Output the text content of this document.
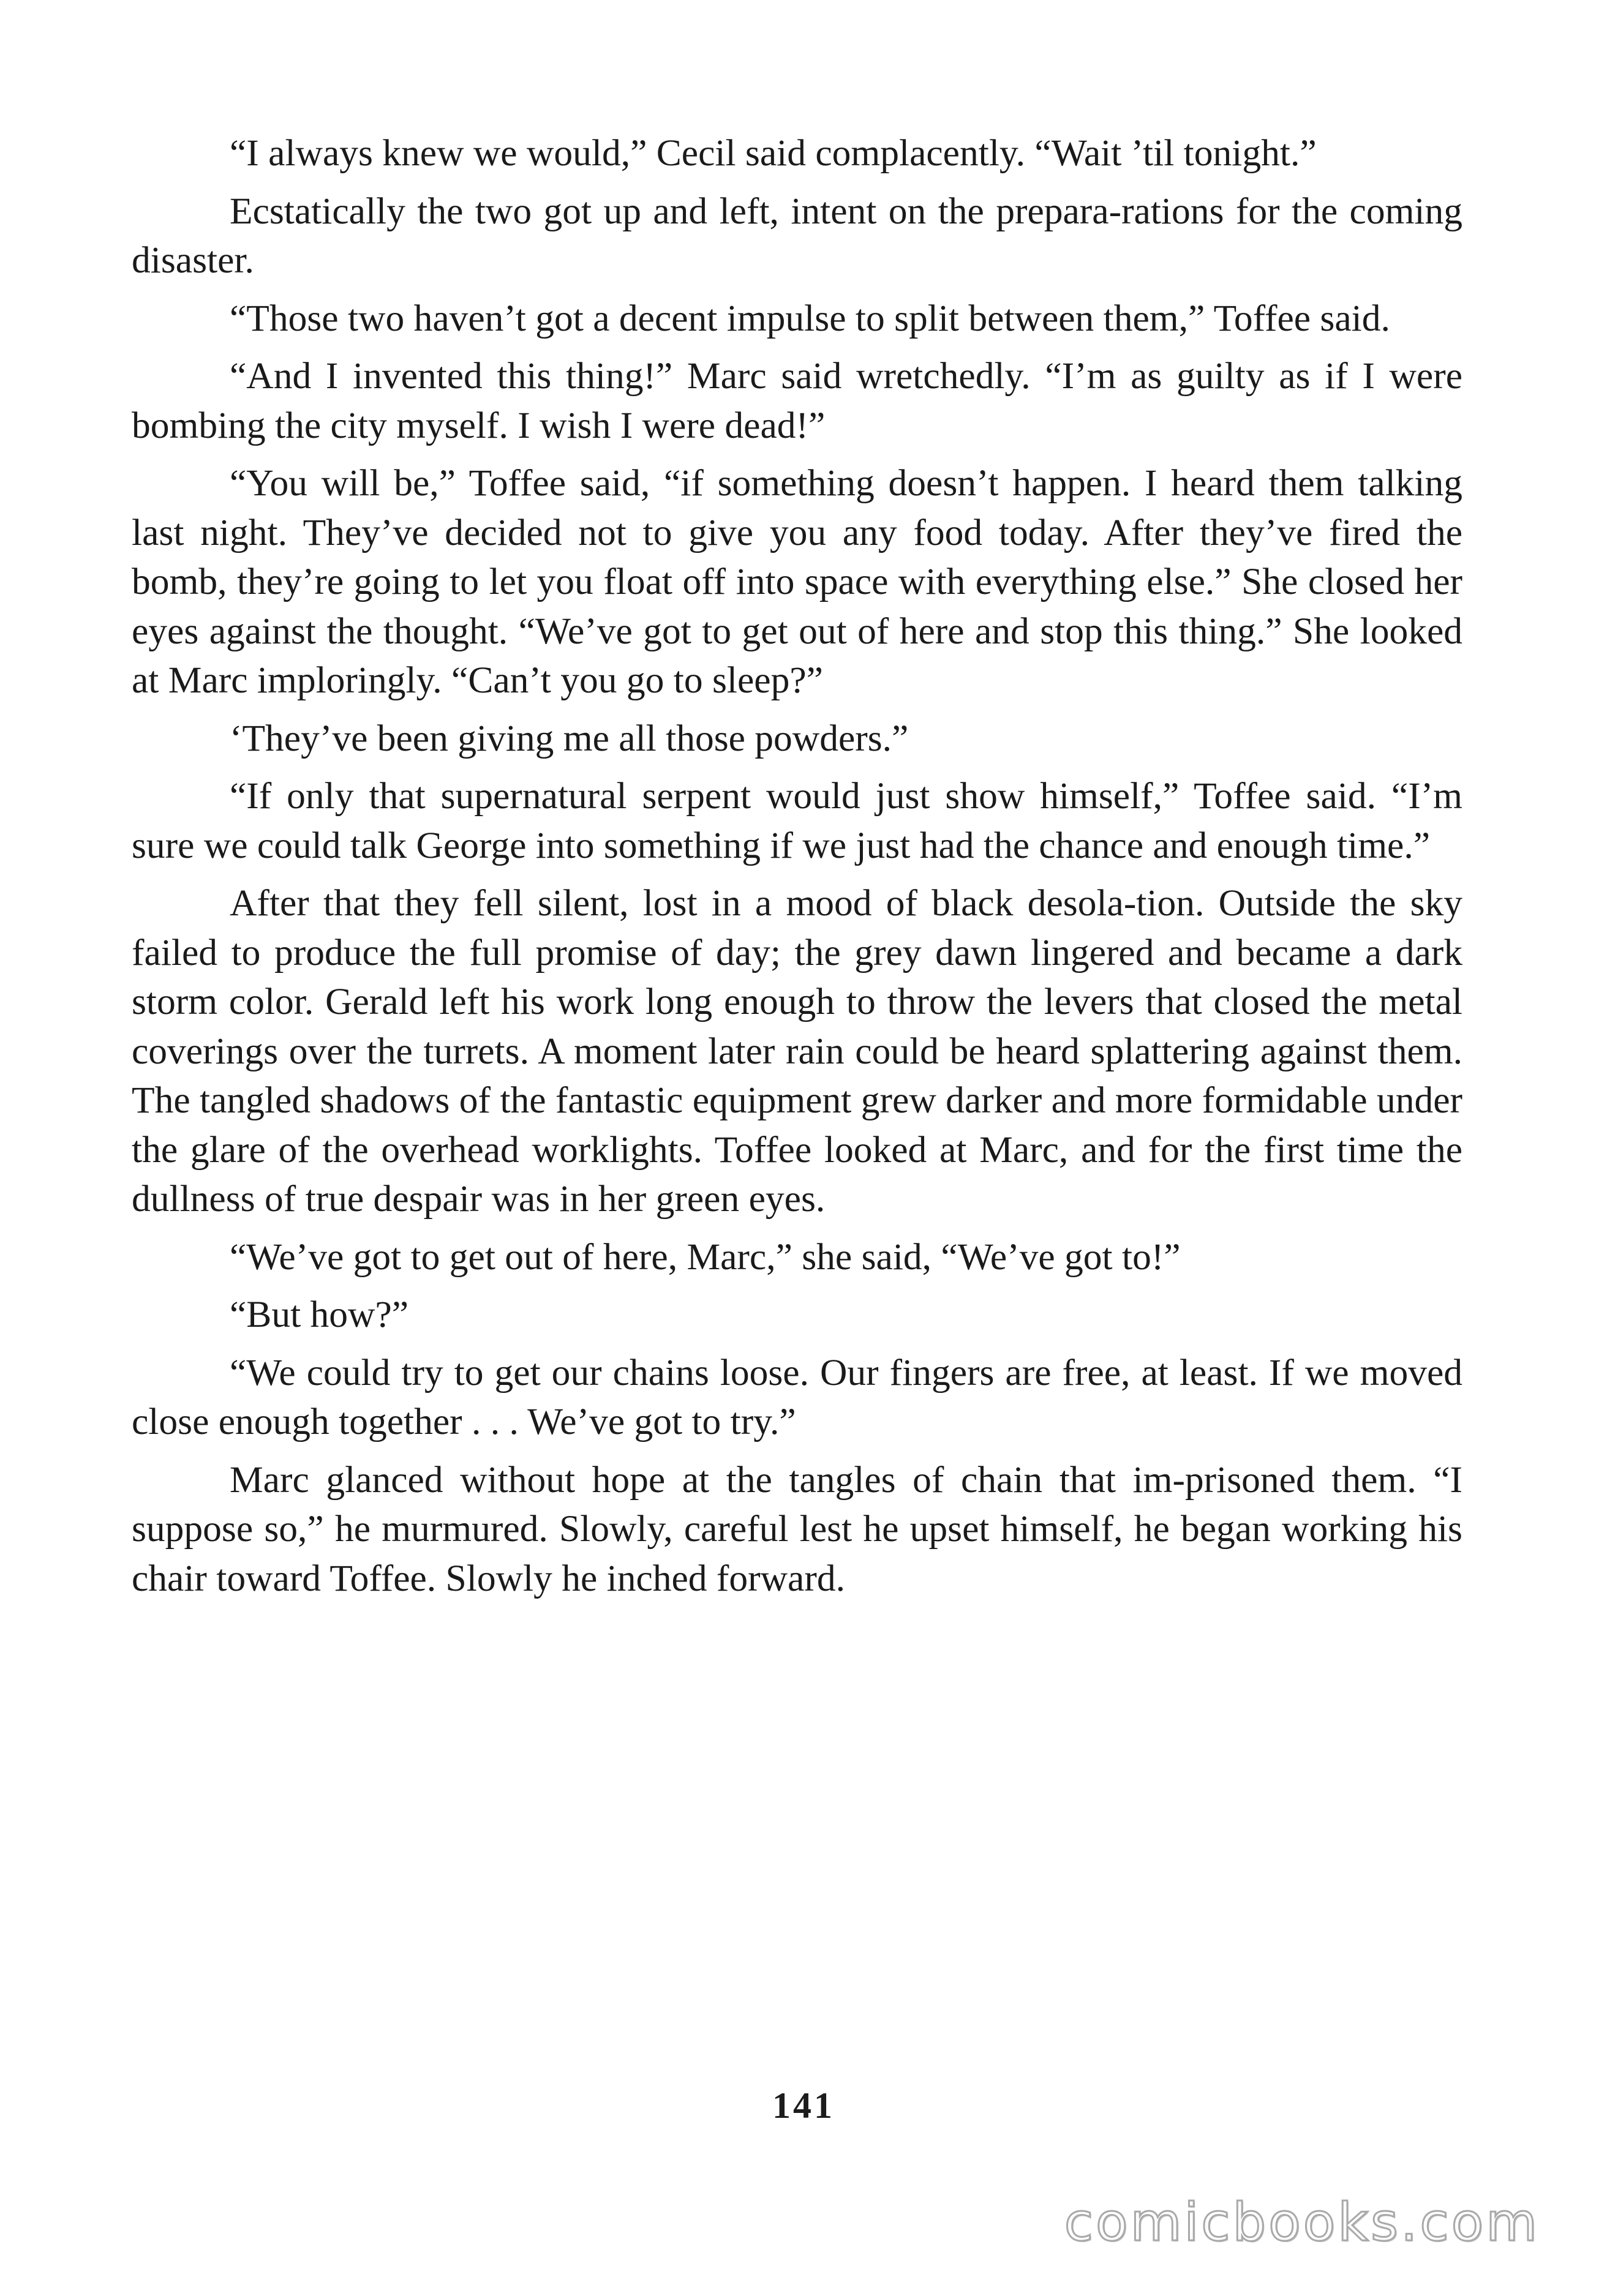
“I always knew we would,” Cecil said complacently. “Wait ’til tonight.”

Ecstatically the two got up and left, intent on the prepara-rations for the coming disaster.

“Those two haven’t got a decent impulse to split between them,” Toffee said.

“And I invented this thing!” Marc said wretchedly. “I’m as guilty as if I were bombing the city myself. I wish I were dead!”

“You will be,” Toffee said, “if something doesn’t happen. I heard them talking last night. They’ve decided not to give you any food today. After they’ve fired the bomb, they’re going to let you float off into space with everything else.” She closed her eyes against the thought. “We’ve got to get out of here and stop this thing.” She looked at Marc imploringly. “Can’t you go to sleep?”

‘They’ve been giving me all those powders.”

“If only that supernatural serpent would just show himself,” Toffee said. “I’m sure we could talk George into something if we just had the chance and enough time.”

After that they fell silent, lost in a mood of black desola-tion. Outside the sky failed to produce the full promise of day; the grey dawn lingered and became a dark storm color. Gerald left his work long enough to throw the levers that closed the metal coverings over the turrets. A moment later rain could be heard splattering against them. The tangled shadows of the fantastic equipment grew darker and more formidable under the glare of the overhead worklights. Toffee looked at Marc, and for the first time the dullness of true despair was in her green eyes.

“We’ve got to get out of here, Marc,” she said, “We’ve got to!”

“But how?”

“We could try to get our chains loose. Our fingers are free, at least. If we moved close enough together . . . We’ve got to try.”

Marc glanced without hope at the tangles of chain that im-prisoned them. “I suppose so,” he murmured. Slowly, careful lest he upset himself, he began working his chair toward Toffee. Slowly he inched forward.

141
comicbooks.com
